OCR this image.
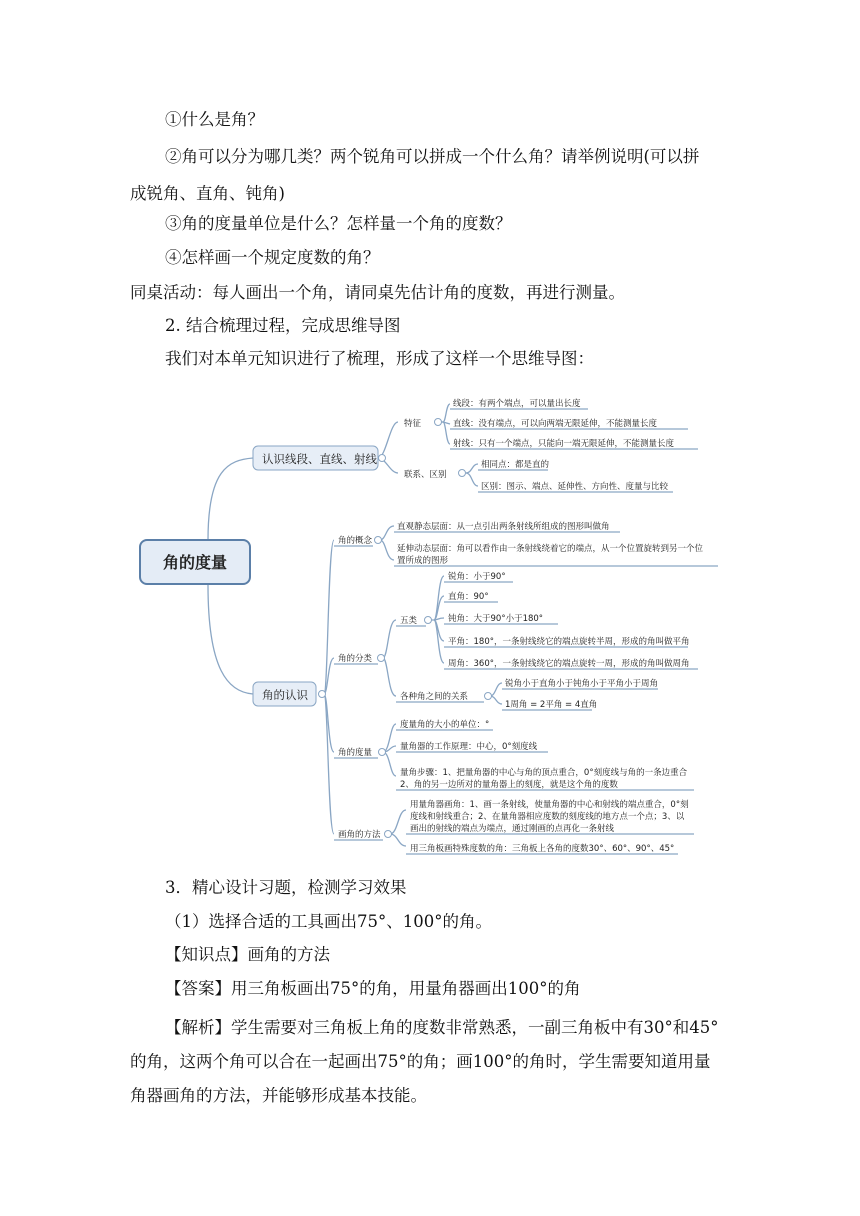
①什么是角？
②角可以分为哪几类？两个锐角可以拼成一个什么角？请举例说明(可以拼
成锐角、直角、钝角)
③角的度量单位是什么？怎样量一个角的度数？
④怎样画一个规定度数的角？
同桌活动：每人画出一个角，请同桌先估计角的度数，再进行测量。
2. 结合梳理过程，完成思维导图
我们对本单元知识进行了梳理，形成了这样一个思维导图：
角的度量
认识线段、直线、射线
角的认识
特征
线段：有两个端点，可以量出长度
直线：没有端点，可以向两端无限延伸，不能测量长度
射线：只有一个端点，只能向一端无限延伸，不能测量长度
联系、区别
相同点：都是直的
区别：图示、端点、延伸性、方向性、度量与比较
角的概念
直观静态层面：从一点引出两条射线所组成的图形叫做角
延伸动态层面：角可以看作由一条射线绕着它的端点，从一个位置旋转到另一个位
置所成的图形
角的分类
五类
锐角：小于90°
直角：90°
钝角：大于90°小于180°
平角：180°，一条射线绕它的端点旋转半周，形成的角叫做平角
周角：360°，一条射线绕它的端点旋转一周，形成的角叫做周角
各种角之间的关系
锐角小于直角小于钝角小于平角小于周角
1周角 = 2平角 = 4直角
角的度量
度量角的大小的单位：°
量角器的工作原理：中心，0°刻度线
量角步骤：1、把量角器的中心与角的顶点重合，0°刻度线与角的一条边重合
2、角的另一边所对的量角器上的刻度，就是这个角的度数
画角的方法
用量角器画角：1、画一条射线，使量角器的中心和射线的端点重合，0°刻
度线和射线重合；2、在量角器相应度数的刻度线的地方点一个点；3、以
画出的射线的端点为端点，通过刚画的点再化一条射线
用三角板画特殊度数的角：三角板上各角的度数30°、60°、90°、45°
3．精心设计习题，检测学习效果
（1）选择合适的工具画出75°、100°的角。
【知识点】画角的方法
【答案】用三角板画出75°的角，用量角器画出100°的角
【解析】学生需要对三角板上角的度数非常熟悉，一副三角板中有30°和45°的角，这两个角可以合在一起画出75°的角；画100°的角时，学生需要知道用量角器画角的方法，并能够形成基本技能。
